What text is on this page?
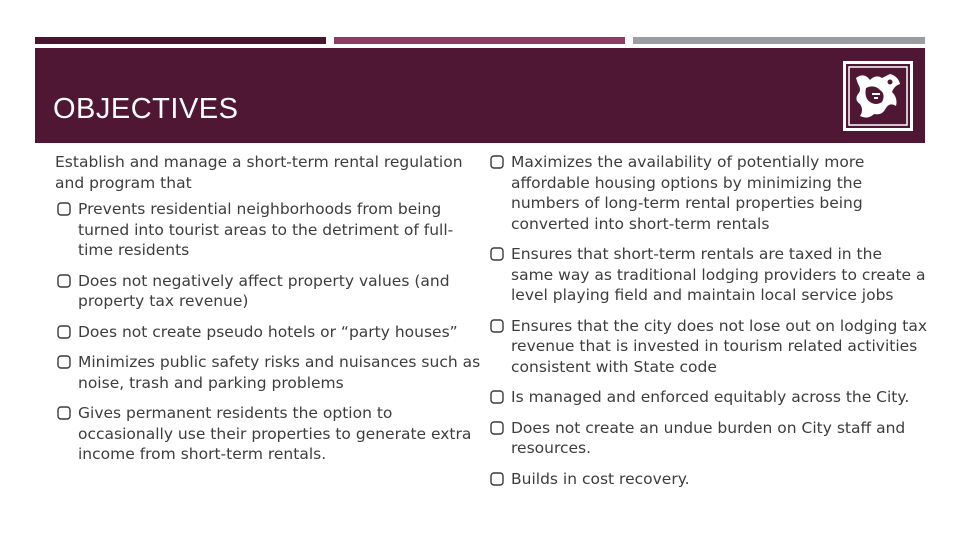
OBJECTIVES

Establish and manage a short-term rental regulation and program that

Prevents residential neighborhoods from being turned into tourist areas to the detriment of full-time residents
Does not negatively affect property values (and property tax revenue)
Does not create pseudo hotels or “party houses”
Minimizes public safety risks and nuisances such as noise, trash and parking problems
Gives permanent residents the option to occasionally use their properties to generate extra income from short-term rentals.
Maximizes the availability of potentially more affordable housing options by minimizing the numbers of long-term rental properties being converted into short-term rentals
Ensures that short-term rentals are taxed in the same way as traditional lodging providers to create a level playing field and maintain local service jobs
Ensures that the city does not lose out on lodging tax revenue that is invested in tourism related activities consistent with State code
Is managed and enforced equitably across the City.
Does not create an undue burden on City staff and resources.
Builds in cost recovery.
